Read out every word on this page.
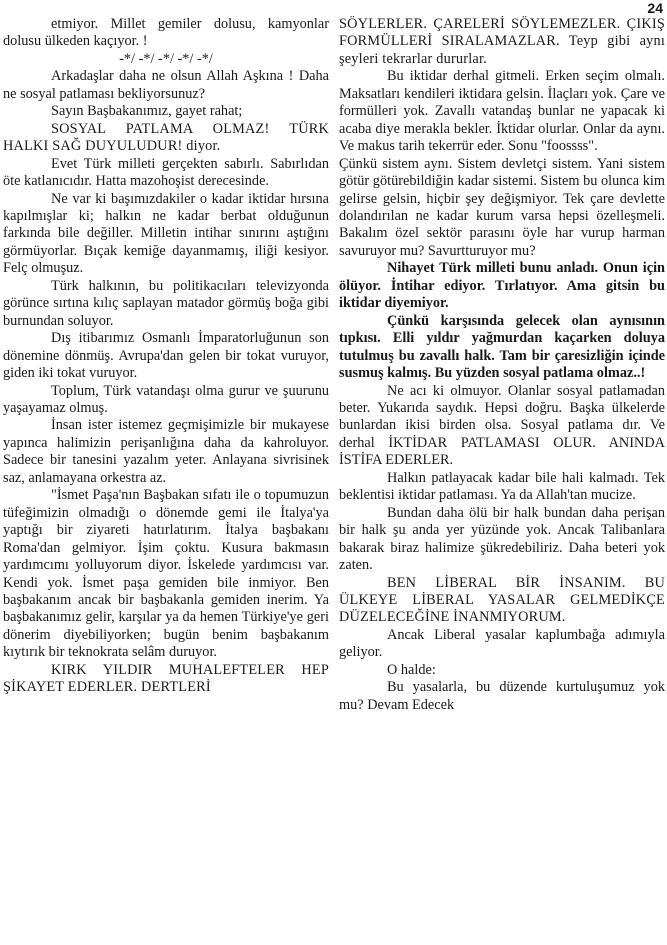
24

etmiyor. Millet gemiler dolusu, kamyonlar dolusu ülkeden kaçıyor. !

-*/ -*/ -*/ -*/ -*/

Arkadaşlar daha ne olsun Allah Aşkına ! Daha ne sosyal patlaması bekliyorsunuz?

Sayın Başbakanımız, gayet rahat;

SOSYAL PATLAMA OLMAZ! TÜRK HALKI SAĞ DUYULUDUR! diyor.

Evet Türk milleti gerçekten sabırlı. Sabırlıdan öte katlanıcıdır. Hatta mazohoşist derecesinde.

Ne var ki başımızdakiler o kadar iktidar hırsına kapılmışlar ki; halkın ne kadar berbat olduğunun farkında bile değiller. Milletin intihar sınırını aştığını görmüyorlar. Bıçak kemiğe dayanmamış, iliği kesiyor. Felç olmuşuz.

Türk halkının, bu politikacıları televizyonda görünce sırtına kılıç saplayan matador görmüş boğa gibi burnundan soluyor.

Dış itibarımız Osmanlı İmparatorluğunun son dönemine dönmüş. Avrupa'dan gelen bir tokat vuruyor, giden iki tokat vuruyor.

Toplum, Türk vatandaşı olma gurur ve şuurunu yaşayamaz olmuş.

İnsan ister istemez geçmişimizle bir mukayese yapınca halimizin perişanlığına daha da kahroluyor. Sadece bir tanesini yazalım yeter. Anlayana sivrisinek saz, anlamayana orkestra az.

"İsmet Paşa'nın Başbakan sıfatı ile o topumuzun tüfeğimizin olmadığı o dönemde gemi ile İtalya'ya yaptığı bir ziyareti hatırlatırım. İtalya başbakanı Roma'dan gelmiyor. İşim çoktu. Kusura bakmasın yardımcımı yolluyorum diyor. İskelede yardımcısı var. Kendi yok. İsmet paşa gemiden bile inmiyor. Ben başbakanım ancak bir başbakanla gemiden inerim. Ya başbakanımız gelir, karşılar ya da hemen Türkiye'ye geri dönerim diyebiliyorken; bugün benim başbakanım kıytırık bir teknokrata selâm duruyor.

KIRK YILDIR MUHALEFTELER HEP ŞİKAYET EDERLER. DERTLERİ

SÖYLERLER. ÇARELERİ SÖYLEMEZLER. ÇIKIŞ FORMÜLLERİ SIRALAMAZLAR. Teyp gibi aynı şeyleri tekrarlar dururlar.

Bu iktidar derhal gitmeli. Erken seçim olmalı. Maksatları kendileri iktidara gelsin. İlaçları yok. Çare ve formülleri yok. Zavallı vatandaş bunlar ne yapacak ki acaba diye merakla bekler. İktidar olurlar. Onlar da aynı. Ve makus tarih tekerrür eder. Sonu "foossss".

Çünkü sistem aynı. Sistem devletçi sistem. Yani sistem götür götürebildiğin kadar sistemi. Sistem bu olunca kim gelirse gelsin, hiçbir şey değişmiyor. Tek çare devlette dolandırılan ne kadar kurum varsa hepsi özelleşmeli. Bakalım özel sektör parasını öyle har vurup harman savuruyor mu? Savurtturuyor mu?

Nihayet Türk milleti bunu anladı. Onun için ölüyor. İntihar ediyor. Tırlatıyor. Ama gitsin bu iktidar diyemiyor.

Çünkü karşısında gelecek olan aynısının tıpkısı. Elli yıldır yağmurdan kaçarken doluya tutulmuş bu zavallı halk. Tam bir çaresizliğin içinde susmuş kalmış. Bu yüzden sosyal patlama olmaz..!

Ne acı ki olmuyor. Olanlar sosyal patlamadan beter. Yukarıda saydık. Hepsi doğru. Başka ülkelerde bunlardan ikisi birden olsa. Sosyal patlama dır. Ve derhal İKTİDAR PATLAMASI OLUR. ANINDA İSTİFA EDERLER.

Halkın patlayacak kadar bile hali kalmadı. Tek beklentisi iktidar patlaması. Ya da Allah'tan mucize.

Bundan daha ölü bir halk bundan daha perişan bir halk şu anda yer yüzünde yok. Ancak Talibanlara bakarak biraz halimize şükredebiliriz. Daha beteri yok zaten.

BEN LİBERAL BİR İNSANIM. BU ÜLKEYE LİBERAL YASALAR GELMEDİKÇE DÜZELECEĞİNE İNANMIYORUM.

Ancak Liberal yasalar kaplumbağa adımıyla geliyor.

O halde:

Bu yasalarla, bu düzende kurtuluşumuz yok mu? Devam Edecek
